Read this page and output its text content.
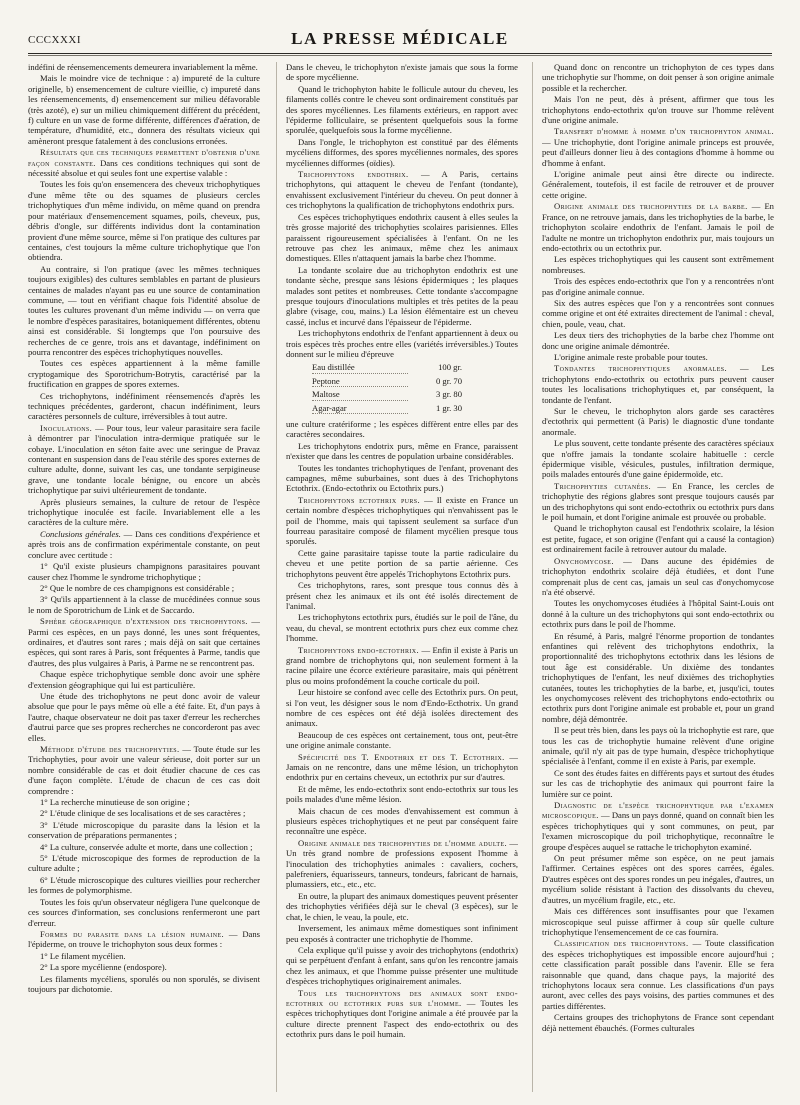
CCCXXXI	LA PRESSE MÉDICALE

indéfini de réensemencements demeurera invariablement la même.

Mais le moindre vice de technique : a) impureté de la culture originelle, b) ensemencement de culture vieillie, c) impureté dans les réensemencements, d) ensemencement sur milieu défavorable (très azoté), e) sur un milieu chimiquement différent du précédent, f) culture en un vase de forme différente, différences d'aération, de température, d'humidité, etc., donnera des résultats vicieux qui amèneront presque fatalement à des conclusions erronées.

Résultats que ces techniques permettent d'obtenir d'une façon constante. Dans ces conditions techniques qui sont de nécessité absolue et qui seules font une expertise valable :

Toutes les fois qu'on ensemencera des cheveux trichophytiques d'une même tête ou des squames de plusieurs cercles trichophytiques d'un même individu, on même quand on prendra pour matériaux d'ensemencement squames, poils, cheveux, pus, débris d'ongle, sur différents individus dont la contamination provient d'une même source, même si l'on pratique des cultures par centaines, c'est toujours la même culture trichophytique que l'on obtiendra.

Au contraire, si l'on pratique (avec les mêmes techniques toujours exigibles) des cultures semblables en partant de plusieurs centaines de malades n'ayant pas eu une source de contamination commune, — tout en vérifiant chaque fois l'identité absolue de toutes les cultures provenant d'un même individu — on verra que le nombre d'espèces parasitaires, botaniquement différentes, obtenu ainsi est considérable. Si longtemps que l'on poursuive des recherches de ce genre, trois ans et davantage, indéfiniment on pourra rencontrer des espèces trichophytiques nouvelles.

Toutes ces espèces appartiennent à la même famille cryptogamique des Sporotrichum-Botrytis, caractérisé par la fructification en grappes de spores externes.

Ces trichophytons, indéfiniment réensemencés d'après les techniques précédentes, garderont, chacun indéfiniment, leurs caractères personnels de culture, irréversibles à tout autre.

Inoculations. — Pour tous, leur valeur parasitaire sera facile à démontrer par l'inoculation intra-dermique pratiquée sur le cobaye. L'inoculation en séton faite avec une seringue de Pravaz contenant en suspension dans de l'eau stérile des spores externes de culture adulte, donne, suivant les cas, une tondante serpigineuse grave, une tondante locale bénigne, ou encore un abcès trichophytique par suivi ultérieurement de tondante.

Après plusieurs semaines, la culture de retour de l'espèce trichophytique inoculée est facile. Invariablement elle a les caractères de la culture mère.

Conclusions générales. — Dans ces conditions d'expérience et après trois ans de confirmation expérimentale constante, on peut conclure avec certitude :

1° Qu'il existe plusieurs champignons parasitaires pouvant causer chez l'homme le syndrome trichophytique ;

2° Que le nombre de ces champignons est considérable ;

3° Qu'ils appartiennent à la classe de mucédinées connue sous le nom de Sporotrichum de Link et de Saccardo.

Sphère géographique d'extension des trichophytons. — Parmi ces espèces, en un pays donné, les unes sont fréquentes, ordinaires, et d'autres sont rares ; mais déjà on sait que certaines espèces, qui sont rares à Paris, sont fréquentes à Parme, tandis que d'autres, des plus vulgaires à Paris, à Parme ne se rencontrent pas.

Chaque espèce trichophytique semble donc avoir une sphère d'extension géographique qui lui est particulière.

Une étude des trichophytons ne peut donc avoir de valeur absolue que pour le pays même où elle a été faite. Et, d'un pays à l'autre, chaque observateur ne doit pas taxer d'erreur les recherches d'autrui parce que ses propres recherches ne concorderont pas avec elles.

Méthode d'étude des trichophyties. — Toute étude sur les Trichophyties, pour avoir une valeur sérieuse, doit porter sur un nombre considérable de cas et doit étudier chacune de ces cas d'une façon complète. L'étude de chacun de ces cas doit comprendre :

1° La recherche minutieuse de son origine ;

2° L'étude clinique de ses localisations et de ses caractères ;

3° L'étude microscopique du parasite dans la lésion et la conservation de préparations permanentes ;

4° La culture, conservée adulte et morte, dans une collection ;

5° L'étude microscopique des formes de reproduction de la culture adulte ;

6° L'étude microscopique des cultures vieillies pour rechercher les formes de polymorphisme.

Toutes les fois qu'un observateur négligera l'une quelconque de ces sources d'information, ses conclusions renfermeront une part d'erreur.

Formes du parasite dans la lésion humaine. — Dans l'épiderme, on trouve le trichophyton sous deux formes :

1° Le filament mycélien.

2° La spore mycélienne (endospore).

Les filaments mycéliens, sporulés ou non sporulés, se divisent toujours par dichotomie.

Dans le cheveu, le trichophyton n'existe jamais que sous la forme de spore mycélienne.

Quand le trichophyton habite le follicule autour du cheveu, les filaments collés contre le cheveu sont ordinairement constitués par des spores mycéliennes. Les filaments extérieurs, en rapport avec l'épiderme folliculaire, se présentent quelquefois sous la forme sporulée, quelquefois sous la forme mycélienne.

Dans l'ongle, le trichophyton est constitué par des éléments mycéliens difformes, des spores mycéliennes normales, des spores mycéliennes difformes (oïdies).

Trichophytons endothrix. — A Paris, certains trichophytons, qui attaquent le cheveu de l'enfant (tondante), envahissent exclusivement l'intérieur du cheveu. On peut donner à ces trichophytons la qualification de trichophytons endothrix purs.

Ces espèces trichophytiques endothrix causent à elles seules la très grosse majorité des trichophyties scolaires parisiennes. Elles paraissent rigoureusement spécialisées à l'enfant. On ne les retrouve pas chez les animaux, même chez les animaux domestiques. Elles n'attaquent jamais la barbe chez l'homme.

La tondante scolaire due au trichophyton endothrix est une tondante sèche, presque sans lésions épidermiques ; les plaques malades sont petites et nombreuses. Cette tondante s'accompagne presque toujours d'inoculations multiples et très petites de la peau glabre (visage, cou, mains.) La lésion élémentaire est un cheveu cassé, inclus et incurvé dans l'épaisseur de l'épiderme.

Les trichophytons endothrix de l'enfant appartiennent à deux ou trois espèces très proches entre elles (variétés irréversibles.) Toutes donnent sur le milieu d'épreuve

Eau distillée	100 gr.
Peptone	0 gr. 70
Maltose	3 gr. 80
Agar-agar	1 gr. 30

une culture cratériforme ; les espèces diffèrent entre elles par des caractères secondaires.

Les trichophytons endotrix purs, même en France, paraissent n'exister que dans les centres de population urbaine considérables.

Toutes les tondantes trichophytiques de l'enfant, provenant des campagnes, même suburbaines, sont dues à des Trichophytons Ectothrix. (Endo-ectothrix ou Ectothrix purs.)

Trichophytons ectothrix purs. — Il existe en France un certain nombre d'espèces trichophytiques qui n'envahissent pas le poil de l'homme, mais qui tapissent seulement sa surface d'un fourreau parasitaire composé de filament mycélien presque tous sporulés.

Cette gaine parasitaire tapisse toute la partie radiculaire du cheveu et une petite portion de sa partie aérienne. Ces trichophytons peuvent être appelés Trichophytons Ectothrix purs.

Ces trichophytons, rares, sont presque tous connus dès à présent chez les animaux et ils ont été isolés directement de l'animal.

Les trichophytons ectothrix purs, étudiés sur le poil de l'âne, du veau, du cheval, se montrent ectothrix purs chez eux comme chez l'homme.

Trichophytons endo-ectothrix. — Enfin il existe à Paris un grand nombre de trichophytons qui, non seulement forment à la racine pilaire une écorce extérieure parasitaire, mais qui pénètrent plus ou moins profondément la couche corticale du poil.

Leur histoire se confond avec celle des Ectothrix purs. On peut, si l'on veut, les désigner sous le nom d'Endo-Ecthotrix. Un grand nombre de ces espèces ont été déjà isolées directement des animaux.

Beaucoup de ces espèces ont certainement, tous ont, peut-être une origine animale constante.

Spécificité des T. Endothrix et des T. Ectothrix. — Jamais on ne rencontre, dans une même lésion, un trichophyton endothrix pur en certains cheveux, un ectothrix pur sur d'autres.

Et de même, les endo-ectothrix sont endo-ectothrix sur tous les poils malades d'une même lésion.

Mais chacun de ces modes d'envahissement est commun à plusieurs espèces trichophytiques et ne peut par conséquent faire reconnaître une espèce.

Origine animale des trichophyties de l'homme adulte. — Un très grand nombre de professions exposent l'homme à l'inoculation des trichophyties animales : cavaliers, cochers, palefreniers, équarisseurs, tanneurs, tondeurs, fabricant de harnais, plumassiers, etc., etc., etc.

En outre, la plupart des animaux domestiques peuvent présenter des trichophyties vérifiées déjà sur le cheval (3 espèces), sur le chat, le chien, le veau, la poule, etc.

Inversement, les animaux même domestiques sont infiniment peu exposés à contracter une trichophytie de l'homme.

Cela explique qu'il puisse y avoir des trichophytons (endothrix) qui se perpétuent d'enfant à enfant, sans qu'on les rencontre jamais chez les animaux, et que l'homme puisse présenter une multitude d'espèces trichophytiques originairement animales.

Tous les trichophytons des animaux sont endo-ectothrix ou ectothrix purs sur l'homme. — Toutes les espèces trichophytiques dont l'origine animale a été prouvée par la culture directe prennent l'aspect des endo-ectothrix ou des ectothrix purs dans le poil humain.

Quand donc on rencontre un trichophyton de ces types dans une trichophytie sur l'homme, on doit penser à son origine animale possible et la rechercher.

Mais l'on ne peut, dès à présent, affirmer que tous les trichophytons endo-ectothrix qu'on trouve sur l'homme relèvent d'une origine animale.

Transfert d'homme à homme d'un trichophyton animal. — Une trichophytie, dont l'origine animale princeps est prouvée, peut d'ailleurs donner lieu à des contagions d'homme à homme ou d'homme à enfant.

L'origine animale peut ainsi être directe ou indirecte. Généralement, toutefois, il est facile de retrouver et de prouver cette origine.

Origine animale des trichophyties de la barbe. — En France, on ne retrouve jamais, dans les trichophyties de la barbe, le trichophyton scolaire endothrix de l'enfant. Jamais le poil de l'adulte ne montre un trichophyton endothrix pur, mais toujours un endo-ectothrix ou un ectothrix pur.

Les espèces trichophytiques qui les causent sont extrêmement nombreuses.

Trois des espèces endo-ectothrix que l'on y a rencontrées n'ont pas d'origine animale connue.

Six des autres espèces que l'on y a rencontrées sont connues comme origine et ont été extraites directement de l'animal : cheval, chien, poule, veau, chat.

Les deux tiers des trichophyties de la barbe chez l'homme ont donc une origine animale démontrée.

L'origine animale reste probable pour toutes.

Tondantes trichophytiques anormales. — Les trichophytons endo-ectothrix ou ectothrix purs peuvent causer toutes les localisations trichophytiques et, par conséquent, la tondante de l'enfant.

Sur le cheveu, le trichophyton alors garde ses caractères d'ectothrix qui permettent (à Paris) le diagnostic d'une tondante anormale.

Le plus souvent, cette tondante présente des caractères spéciaux que n'offre jamais la tondante scolaire habituelle : cercle épidermique visible, vésicules, pustules, infiltration dermique, poils malades entourés d'une gaine épidermoïde, etc.

Trichophyties cutanées. — En France, les cercles de trichophytie des régions glabres sont presque toujours causés par un des trichophytons qui sont endo-ectothrix ou ectothrix purs dans le poil humain, et dont l'origine animale est prouvée ou probable.

Quand le trichophyton causal est l'endothrix scolaire, la lésion est petite, fugace, et son origine (l'enfant qui a causé la contagion) est ordinairement facile à retrouver autour du malade.

Onychomycose. — Dans aucune des épidémies de trichophyton endothrix scolaire déjà étudiées, et dont l'une comprenait plus de cent cas, jamais un seul cas d'onychomycose n'a été observé.

Toutes les onychomycoses étudiées à l'hôpital Saint-Louis ont donné à la culture un des trichophytons qui sont endo-ectothrix ou ectothrix purs dans le poil de l'homme.

En résumé, à Paris, malgré l'énorme proportion de tondantes enfantines qui relèvent des trichophytons endothrix, la proportionnalité des trichophytons ectothrix dans les lésions de tout âge est considérable. Un dixième des tondantes trichophytiques de l'enfant, les neuf dixièmes des trichophyties cutanées, toutes les trichophyties de la barbe, et, jusqu'ici, toutes les onychomycoses relèvent des trichophytons endo-ectothrix ou ectothrix purs dont l'origine animale est probable et, pour un grand nombre, déjà démontrée.

Il se peut très bien, dans les pays où la trichophytie est rare, que tous les cas de trichophytie humaine relèvent d'une origine animale, qu'il n'y ait pas de type humain, d'espèce trichophytique spécialisée à l'enfant, comme il en existe à Paris, par exemple.

Ce sont des études faites en différents pays et surtout des études sur les cas de trichophytie des animaux qui pourront faire la lumière sur ce point.

Diagnostic de l'espèce trichophytique par l'examen microscopique. — Dans un pays donné, quand on connaît bien les espèces trichophytiques qui y sont communes, on peut, par l'examen microscopique du poil trichophytique, reconnaître le groupe d'espèces auquel se rattache le trichophyton examiné.

On peut présumer même son espèce, on ne peut jamais l'affirmer. Certaines espèces ont des spores carrées, égales. D'autres espèces ont des spores rondes un peu inégales, d'autres, un mycélium solide résistant à l'action des dissolvants du cheveu, d'autres, un mycélium fragile, etc., etc.

Mais ces différences sont insuffisantes pour que l'examen microscopique seul puisse affirmer à coup sûr quelle culture trichophytique l'ensemencement de ce cas fournira.

Classification des trichophytons. — Toute classification des espèces trichophytiques est impossible encore aujourd'hui ; cette classification paraît possible dans l'avenir. Elle se fera raisonnable que quand, dans chaque pays, la majorité des trichophytons locaux sera connue. Les classifications d'un pays auront, avec celles des pays voisins, des parties communes et des parties différentes.

Certains groupes des trichophytons de France sont cependant déjà nettement ébauchés. (Formes culturales
